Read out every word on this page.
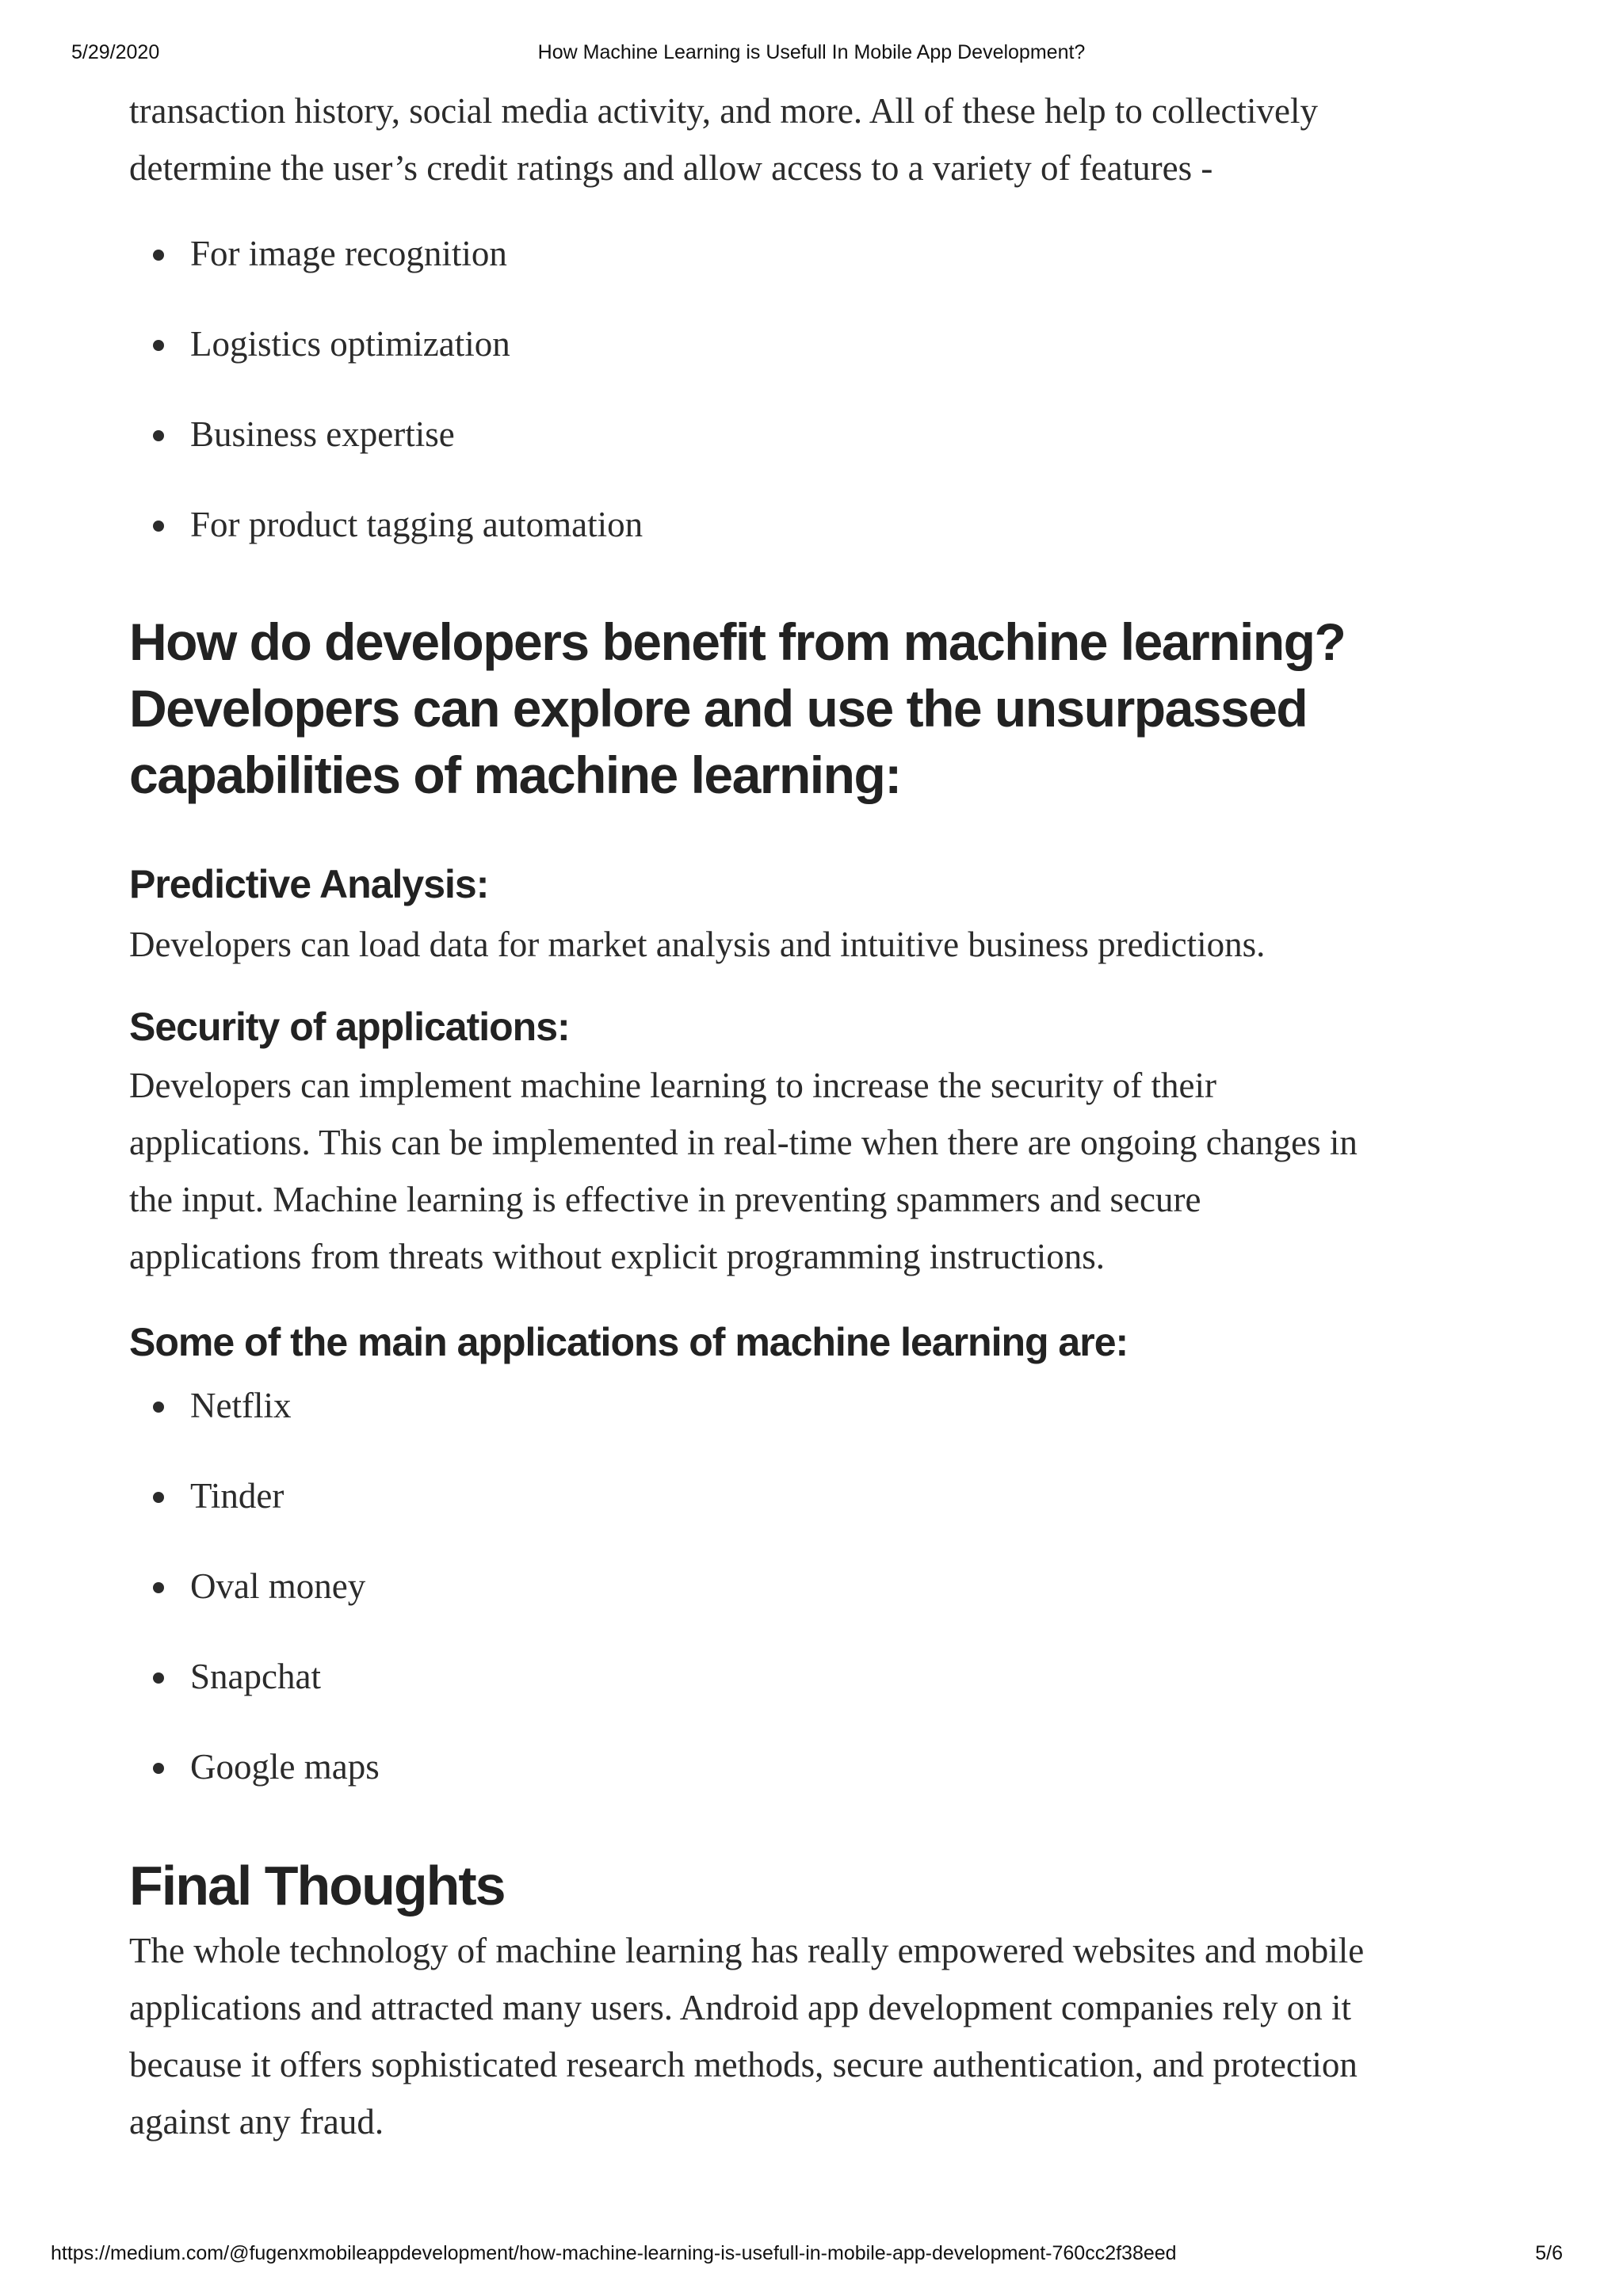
5/29/2020	How Machine Learning is Usefull In Mobile App Development?
transaction history, social media activity, and more. All of these help to collectively
determine the user’s credit ratings and allow access to a variety of features -
For image recognition
Logistics optimization
Business expertise
For product tagging automation
How do developers benefit from machine learning?
Developers can explore and use the unsurpassed
capabilities of machine learning:
Predictive Analysis:
Developers can load data for market analysis and intuitive business predictions.
Security of applications:
Developers can implement machine learning to increase the security of their
applications. This can be implemented in real-time when there are ongoing changes in
the input. Machine learning is effective in preventing spammers and secure
applications from threats without explicit programming instructions.
Some of the main applications of machine learning are:
Netflix
Tinder
Oval money
Snapchat
Google maps
Final Thoughts
The whole technology of machine learning has really empowered websites and mobile
applications and attracted many users. Android app development companies rely on it
because it offers sophisticated research methods, secure authentication, and protection
against any fraud.
https://medium.com/@fugenxmobileappdevelopment/how-machine-learning-is-usefull-in-mobile-app-development-760cc2f38eed	5/6
